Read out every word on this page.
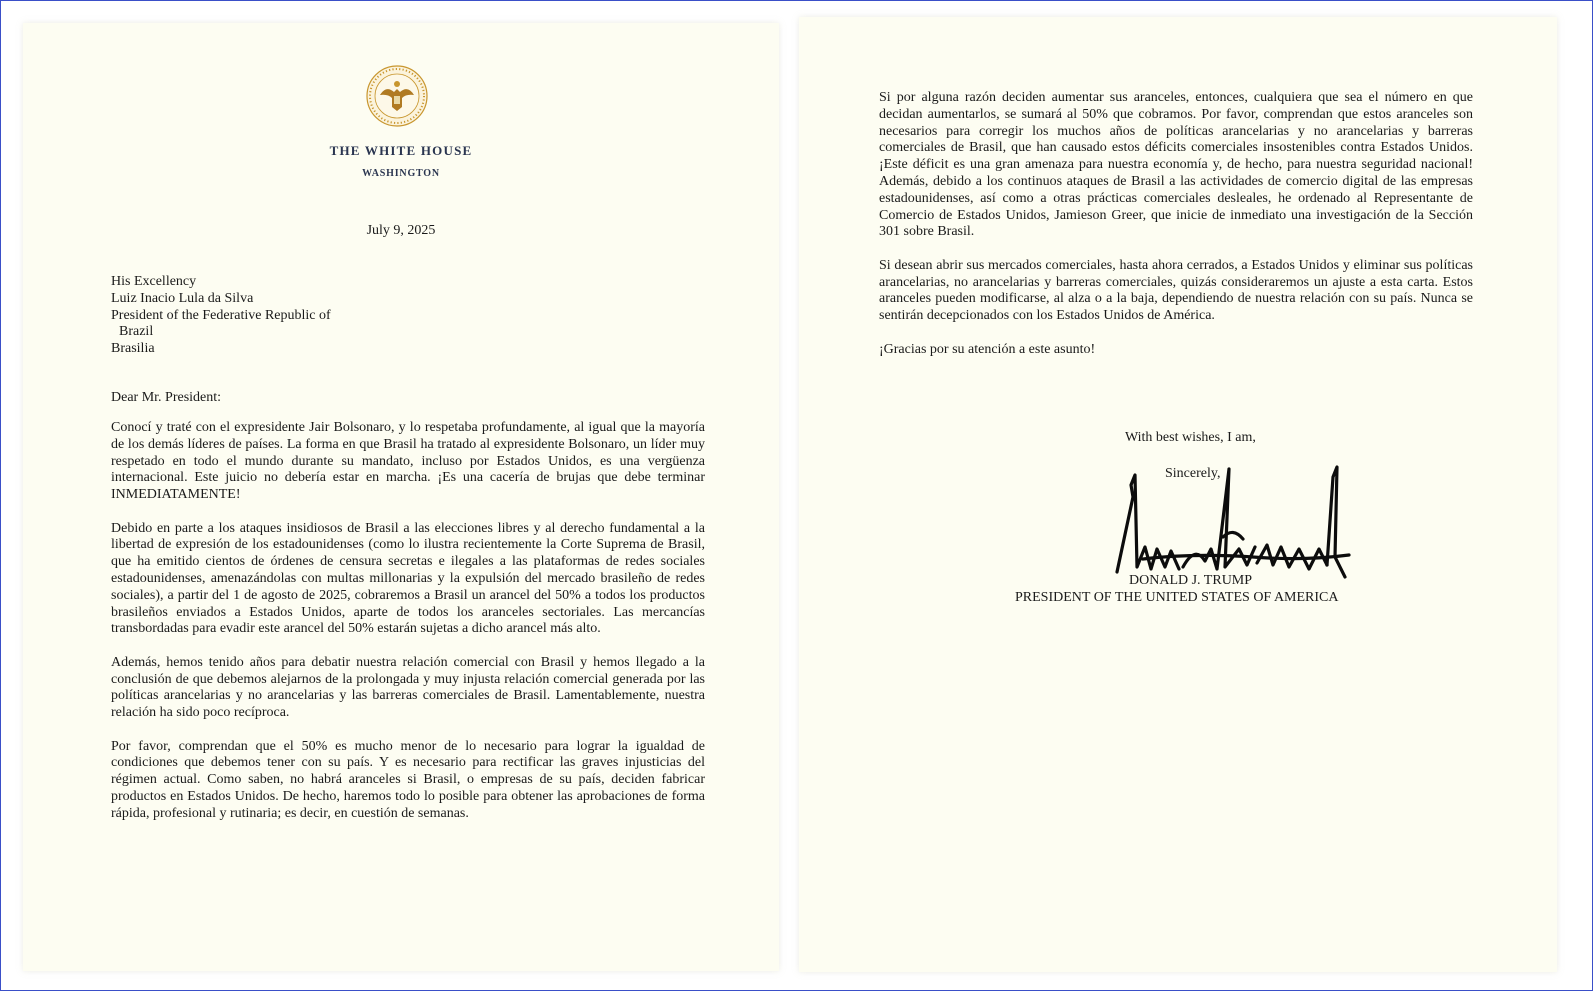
THE WHITE HOUSE
WASHINGTON
July 9, 2025
His Excellency
Luiz Inacio Lula da Silva
President of the Federative Republic of
Brazil
Brasilia
Dear Mr. President:

Conocí y traté con el expresidente Jair Bolsonaro, y lo respetaba profundamente, al igual que la mayoría de los demás líderes de países. La forma en que Brasil ha tratado al expresidente Bolsonaro, un líder muy respetado en todo el mundo durante su mandato, incluso por Estados Unidos, es una vergüenza internacional. Este juicio no debería estar en marcha. ¡Es una cacería de brujas que debe terminar INMEDIATAMENTE!

Debido en parte a los ataques insidiosos de Brasil a las elecciones libres y al derecho fundamental a la libertad de expresión de los estadounidenses (como lo ilustra recientemente la Corte Suprema de Brasil, que ha emitido cientos de órdenes de censura secretas e ilegales a las plataformas de redes sociales estadounidenses, amenazándolas con multas millonarias y la expulsión del mercado brasileño de redes sociales), a partir del 1 de agosto de 2025, cobraremos a Brasil un arancel del 50% a todos los productos brasileños enviados a Estados Unidos, aparte de todos los aranceles sectoriales. Las mercancías transbordadas para evadir este arancel del 50% estarán sujetas a dicho arancel más alto.

Además, hemos tenido años para debatir nuestra relación comercial con Brasil y hemos llegado a la conclusión de que debemos alejarnos de la prolongada y muy injusta relación comercial generada por las políticas arancelarias y no arancelarias y las barreras comerciales de Brasil. Lamentablemente, nuestra relación ha sido poco recíproca.

Por favor, comprendan que el 50% es mucho menor de lo necesario para lograr la igualdad de condiciones que debemos tener con su país. Y es necesario para rectificar las graves injusticias del régimen actual. Como saben, no habrá aranceles si Brasil, o empresas de su país, deciden fabricar productos en Estados Unidos. De hecho, haremos todo lo posible para obtener las aprobaciones de forma rápida, profesional y rutinaria; es decir, en cuestión de semanas.

Si por alguna razón deciden aumentar sus aranceles, entonces, cualquiera que sea el número en que decidan aumentarlos, se sumará al 50% que cobramos. Por favor, comprendan que estos aranceles son necesarios para corregir los muchos años de políticas arancelarias y no arancelarias y barreras comerciales de Brasil, que han causado estos déficits comerciales insostenibles contra Estados Unidos. ¡Este déficit es una gran amenaza para nuestra economía y, de hecho, para nuestra seguridad nacional! Además, debido a los continuos ataques de Brasil a las actividades de comercio digital de las empresas estadounidenses, así como a otras prácticas comerciales desleales, he ordenado al Representante de Comercio de Estados Unidos, Jamieson Greer, que inicie de inmediato una investigación de la Sección 301 sobre Brasil.

Si desean abrir sus mercados comerciales, hasta ahora cerrados, a Estados Unidos y eliminar sus políticas arancelarias, no arancelarias y barreras comerciales, quizás consideraremos un ajuste a esta carta. Estos aranceles pueden modificarse, al alza o a la baja, dependiendo de nuestra relación con su país. Nunca se sentirán decepcionados con los Estados Unidos de América.

¡Gracias por su atención a este asunto!

With best wishes, I am,
Sincerely,
DONALD J. TRUMP
PRESIDENT OF THE UNITED STATES OF AMERICA
